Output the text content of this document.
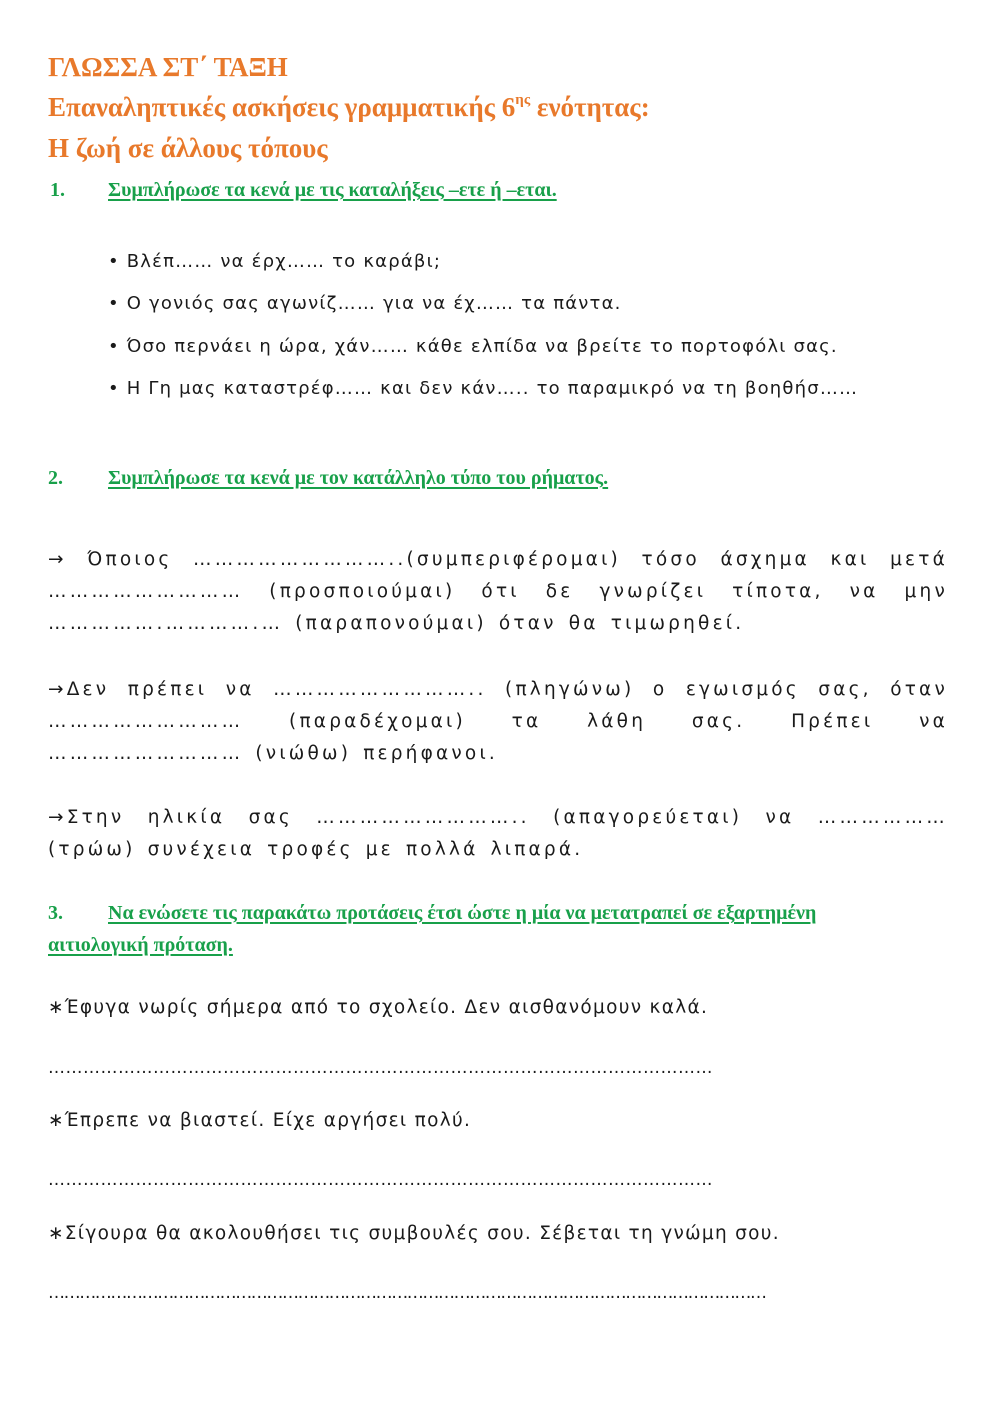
ΓΛΩΣΣΑ ΣΤ΄ ΤΑΞΗ
Επαναληπτικές ασκήσεις γραμματικής $6^{\eta\varsigma}$ ενότητας:
Η ζωή σε άλλους τόπους
1. Συμπλήρωσε τα κενά με τις καταλήξεις –ετε ή –εται.
• Βλέπ…… να έρχ…… το καράβι;
• Ο γονιός σας αγωνίζ…… για να έχ…… τα πάντα.
• Όσο περνάει η ώρα, χάν…… κάθε ελπίδα να βρείτε το πορτοφόλι σας.
• Η Γη μας καταστρέφ…… και δεν κάν….. το παραμικρό να τη βοηθήσ……
2. Συμπλήρωσε τα κενά με τον κατάλληλο τύπο του ρήματος.
→ Όποιος ………………………..(συμπεριφέρομαι) τόσο άσχημα και μετά ……………………… (προσποιούμαι) ότι δε γνωρίζει τίποτα, να μην …………….………….… (παραπονούμαι) όταν θα τιμωρηθεί.
→Δεν πρέπει να ……………………….. (πληγώνω) ο εγωισμός σας, όταν ……………………… (παραδέχομαι) τα λάθη σας. Πρέπει να ……………………… (νιώθω) περήφανοι.
→Στην ηλικία σας ……………………….. (απαγορεύεται) να ……………… (τρώω) συνέχεια τροφές με πολλά λιπαρά.
3.	Να ενώσετε τις παρακάτω προτάσεις έτσι ώστε η μία να μετατραπεί σε εξαρτημένη αιτιολογική πρόταση.
∗Έφυγα νωρίς σήμερα από το σχολείο. Δεν αισθανόμουν καλά.
……………………………………………………………………………………………………
∗Έπρεπε να βιαστεί. Είχε αργήσει πολύ.
……………………………………………………………………………………………………
∗Σίγουρα θα ακολουθήσει τις συμβουλές σου. Σέβεται τη γνώμη σου.
…………………………………………………………………………………………………………………………
